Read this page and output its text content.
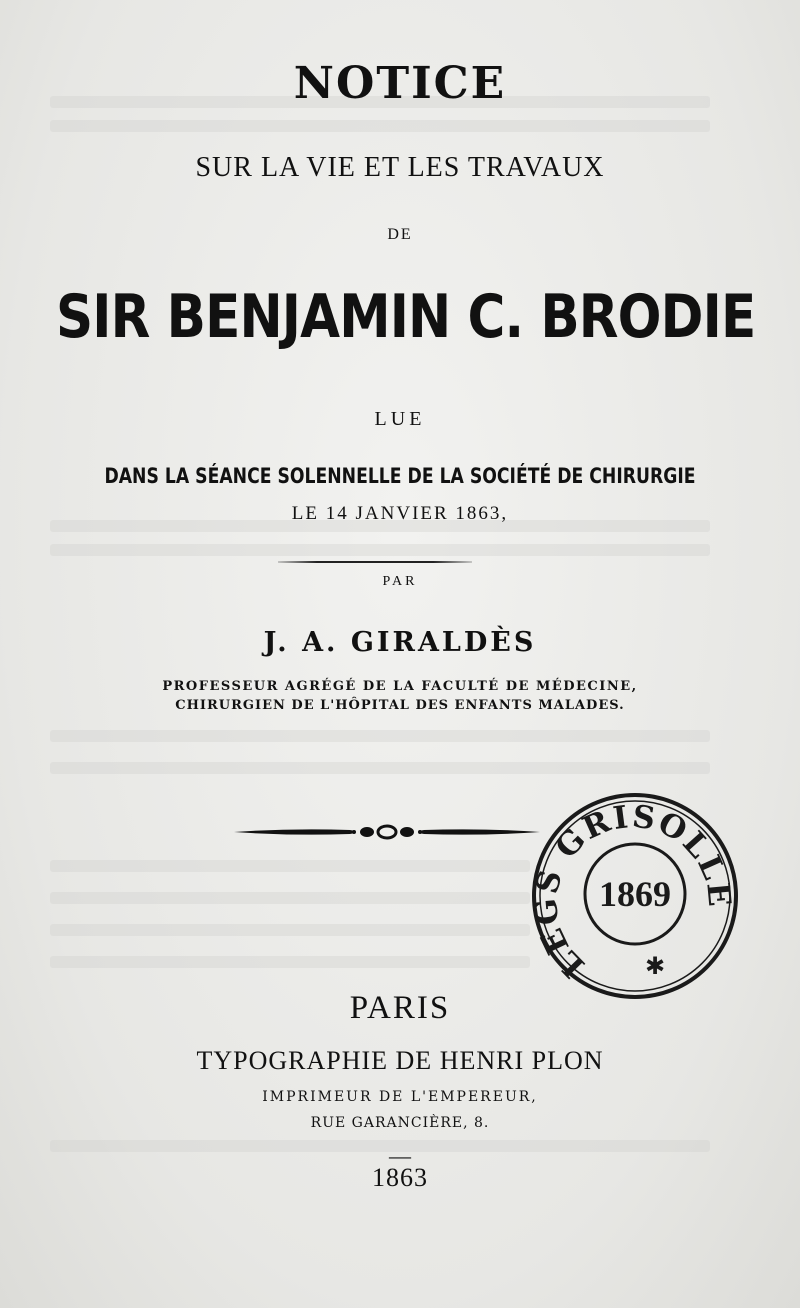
NOTICE

SUR LA VIE ET LES TRAVAUX

DE

SIR BENJAMIN C. BRODIE

LUE

DANS LA SÉANCE SOLENNELLE DE LA SOCIÉTÉ DE CHIRURGIE

LE 14 JANVIER 1863,

PAR

J. A. GIRALDÈS

PROFESSEUR AGRÉGÉ DE LA FACULTÉ DE MÉDECINE,

CHIRURGIEN DE L'HÔPITAL DES ENFANTS MALADES.

LEGS GRISOLLE
1869
✱

PARIS

TYPOGRAPHIE DE HENRI PLON

IMPRIMEUR DE L'EMPEREUR,

RUE GARANCIÈRE, 8.

—

1863
